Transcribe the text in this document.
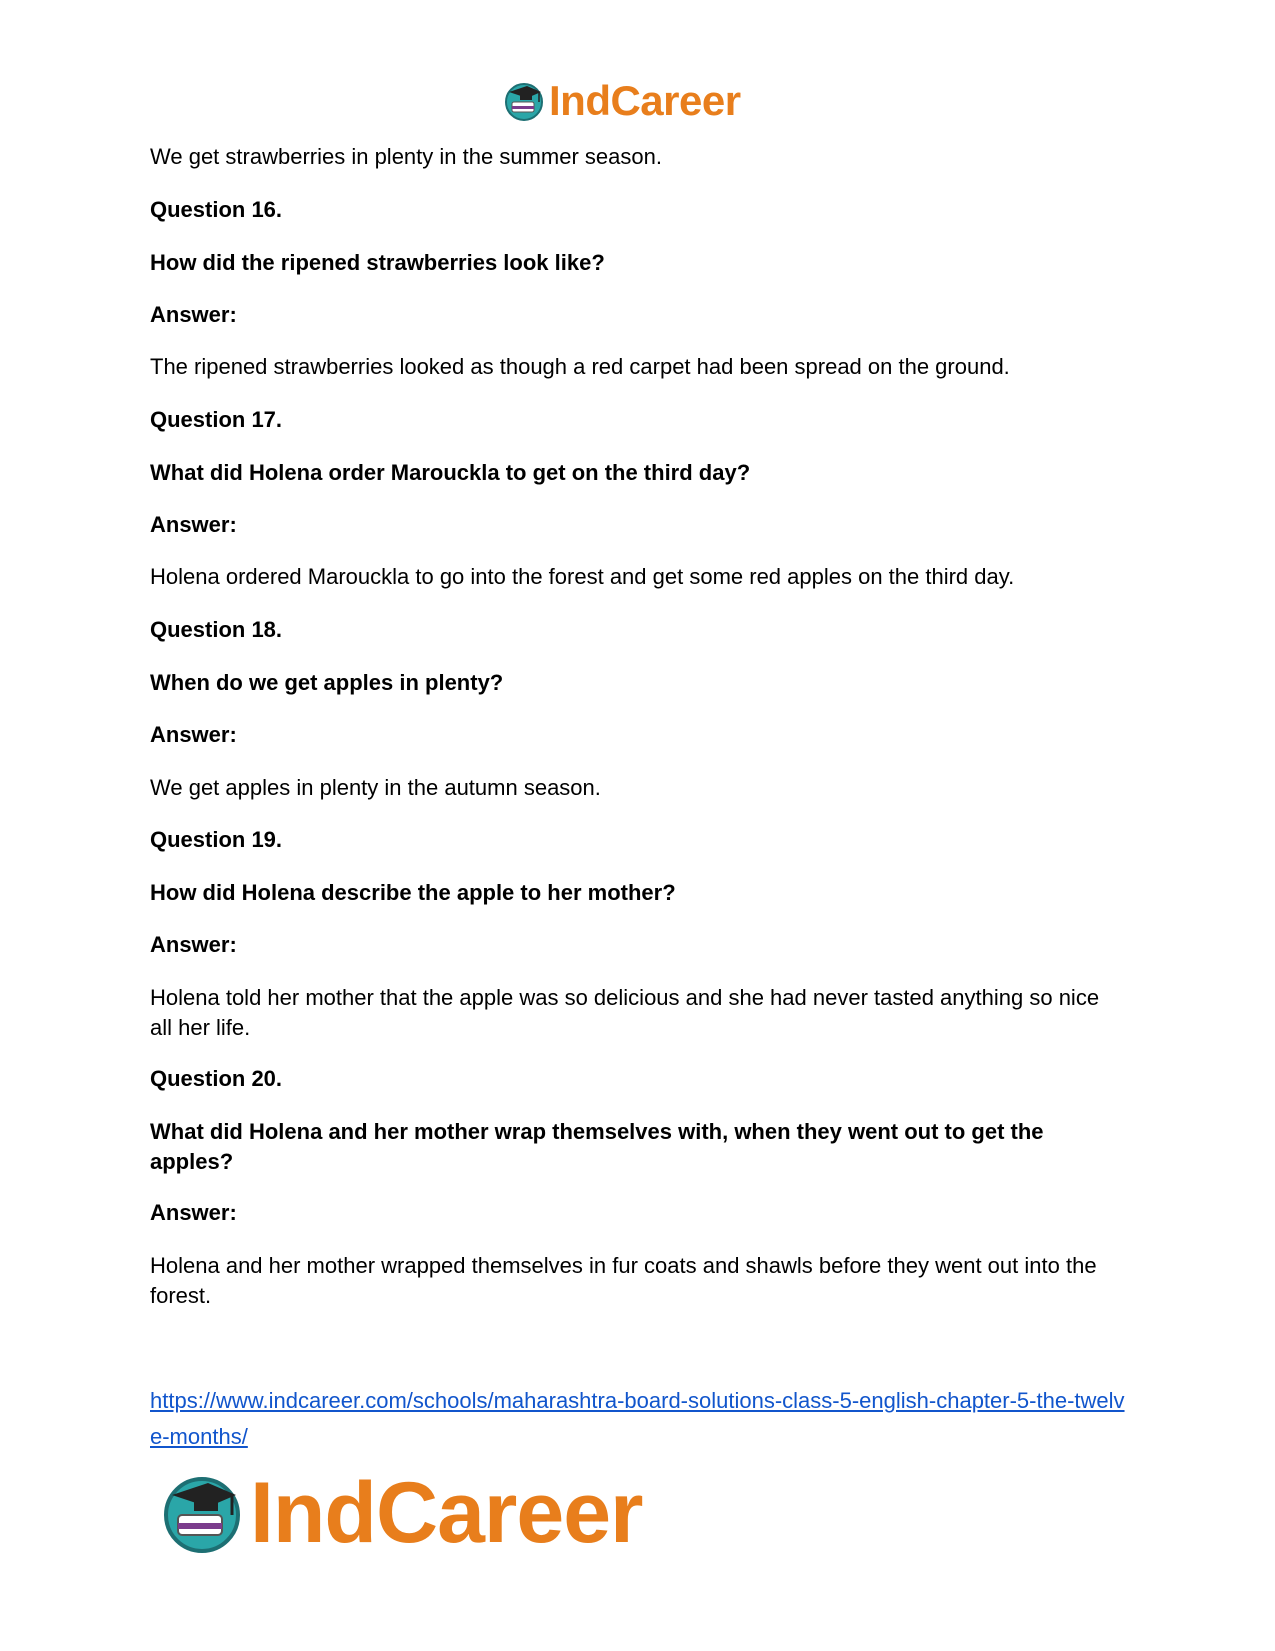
IndCareer

We get strawberries in plenty in the summer season.

Question 16.

How did the ripened strawberries look like?

Answer:

The ripened strawberries looked as though a red carpet had been spread on the ground.

Question 17.

What did Holena order Marouckla to get on the third day?

Answer:

Holena ordered Marouckla to go into the forest and get some red apples on the third day.

Question 18.

When do we get apples in plenty?

Answer:

We get apples in plenty in the autumn season.

Question 19.

How did Holena describe the apple to her mother?

Answer:

Holena told her mother that the apple was so delicious and she had never tasted anything so nice all her life.

Question 20.

What did Holena and her mother wrap themselves with, when they went out to get the apples?

Answer:

Holena and her mother wrapped themselves in fur coats and shawls before they went out into the forest.

https://www.indcareer.com/schools/maharashtra-board-solutions-class-5-english-chapter-5-the-twelve-months/
IndCareer
